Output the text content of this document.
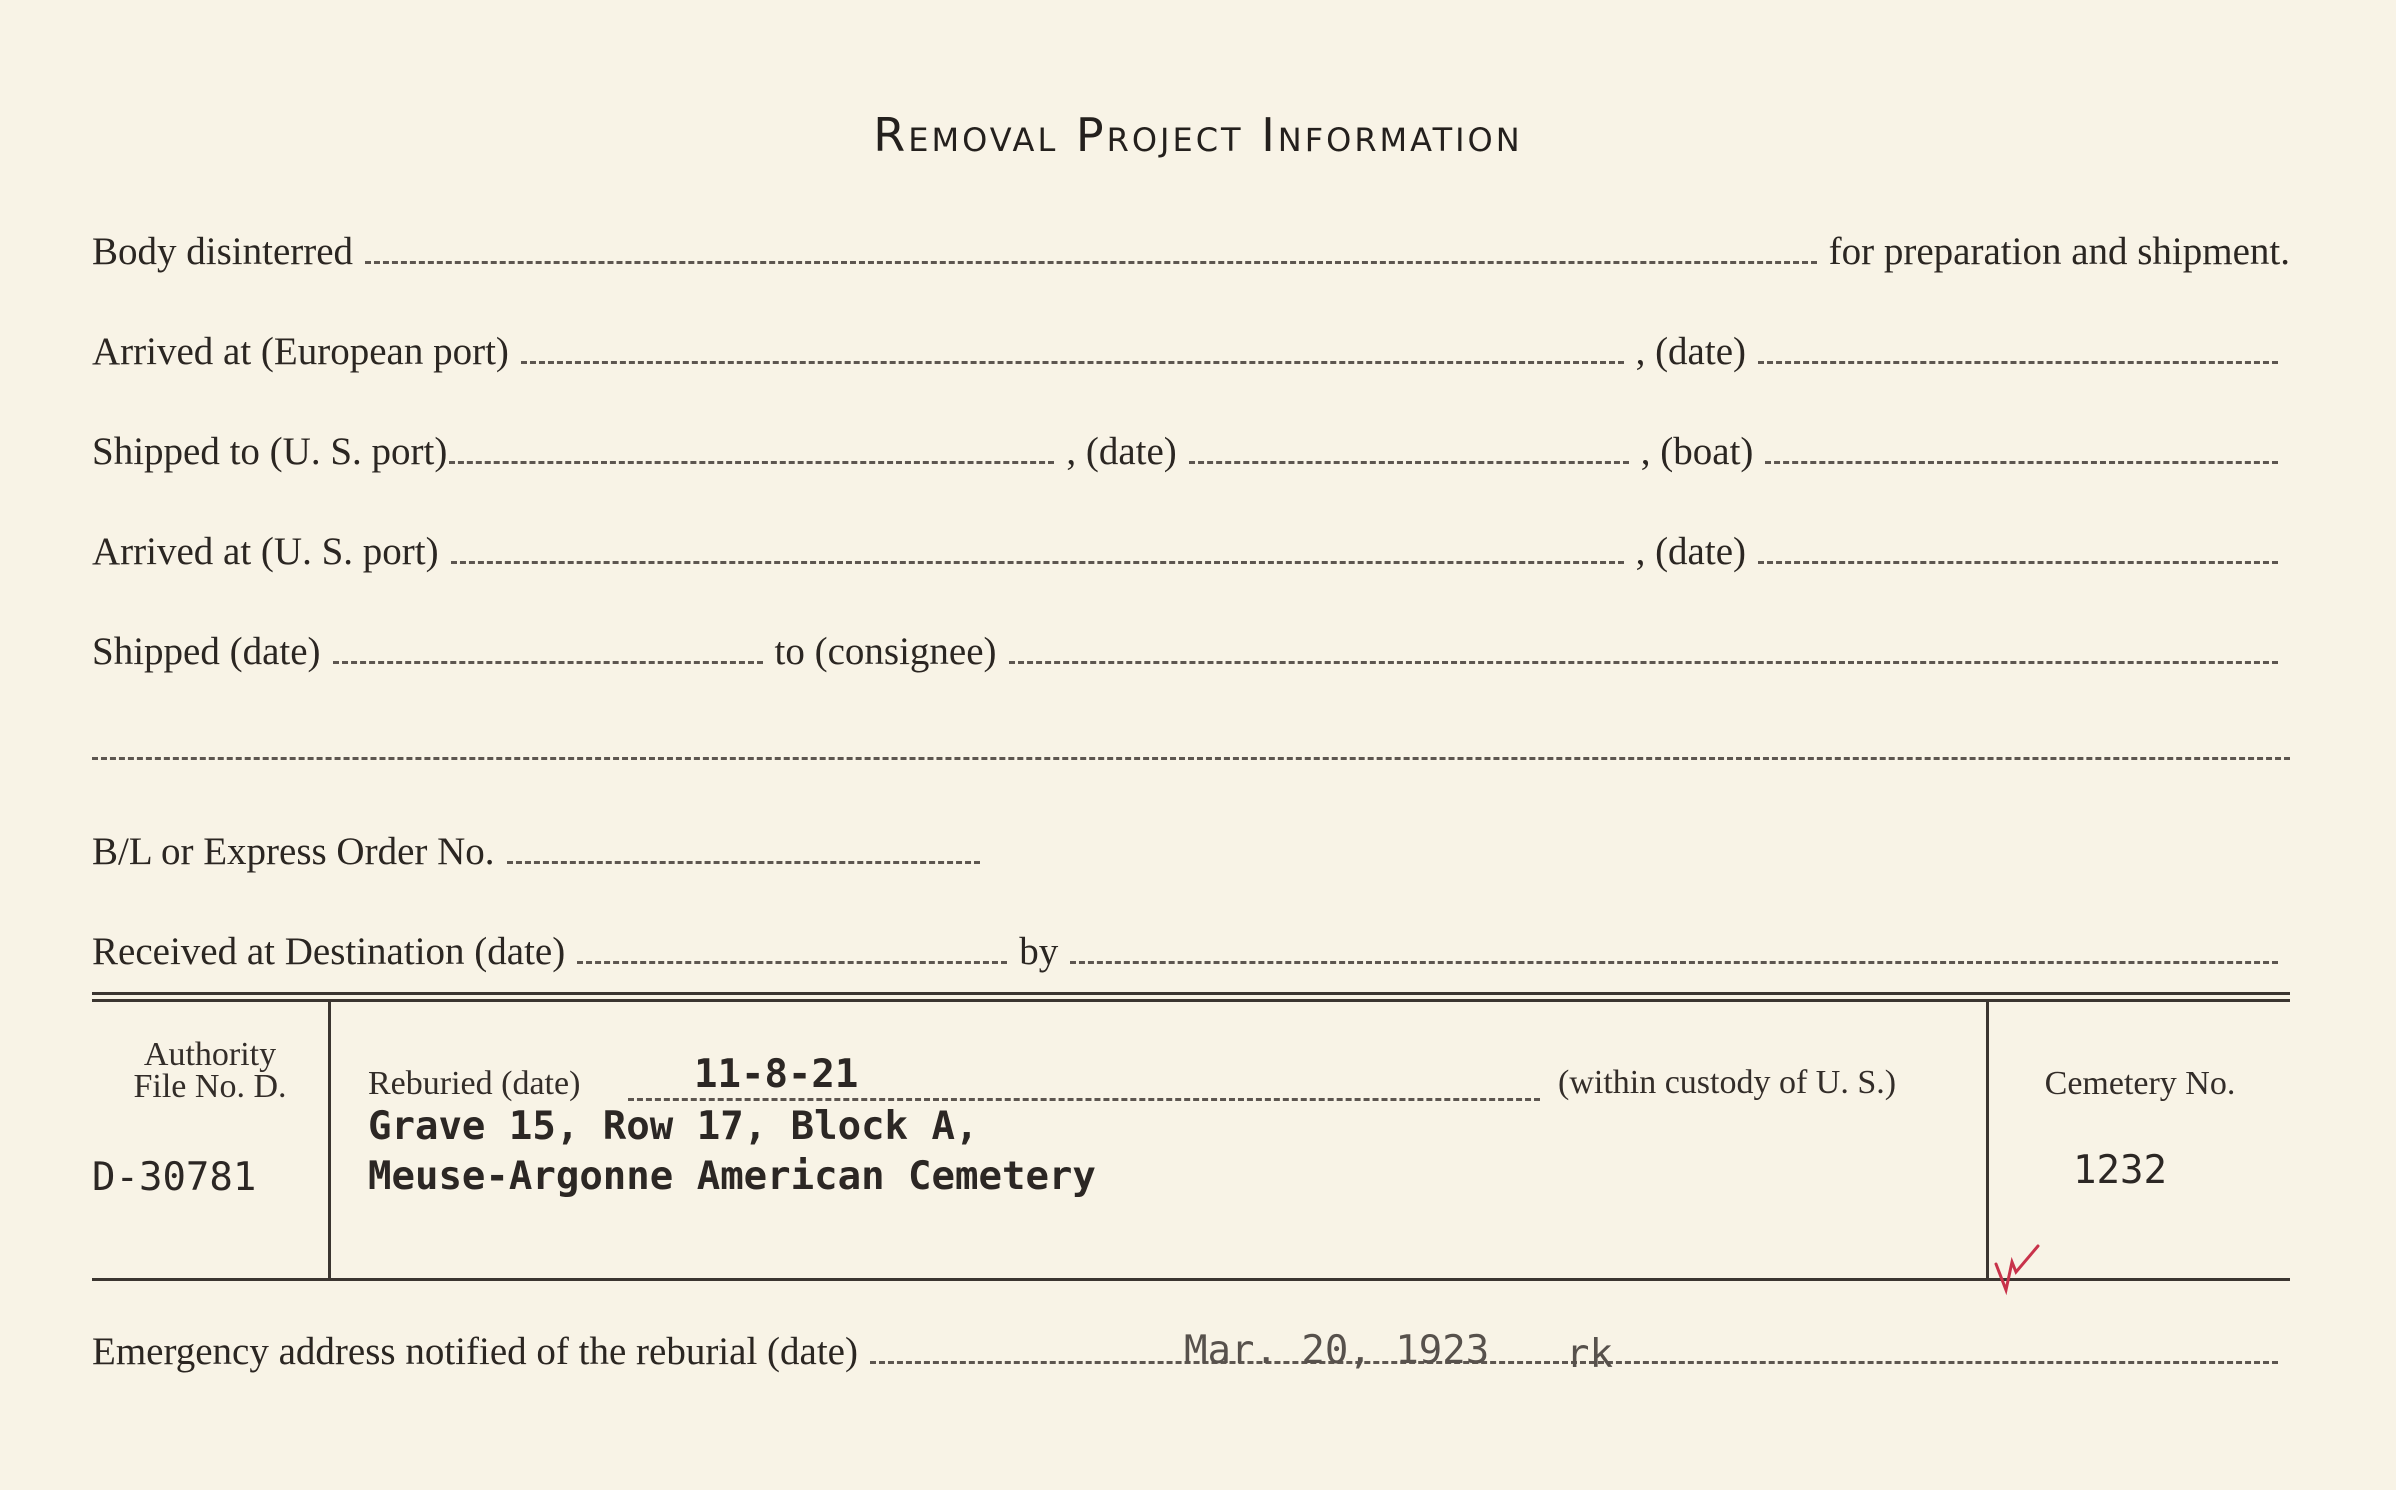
Removal Project Information
Body disinterred	for preparation and shipment.
Arrived at (European port)	, (date)
Shipped to (U. S. port)	, (date)	, (boat)
Arrived at (U. S. port)	, (date)
Shipped (date)	to (consignee)
B/L or Express Order No.
Received at Destination (date)	by
Authority
File No. D.
D-30781
Reburied (date)	11-8-21	(within custody of U. S.)
Grave 15, Row 17, Block A,
Meuse-Argonne American Cemetery
Cemetery No.
1232
Emergency address notified of the reburial (date)	Mar. 20, 1923 rk
